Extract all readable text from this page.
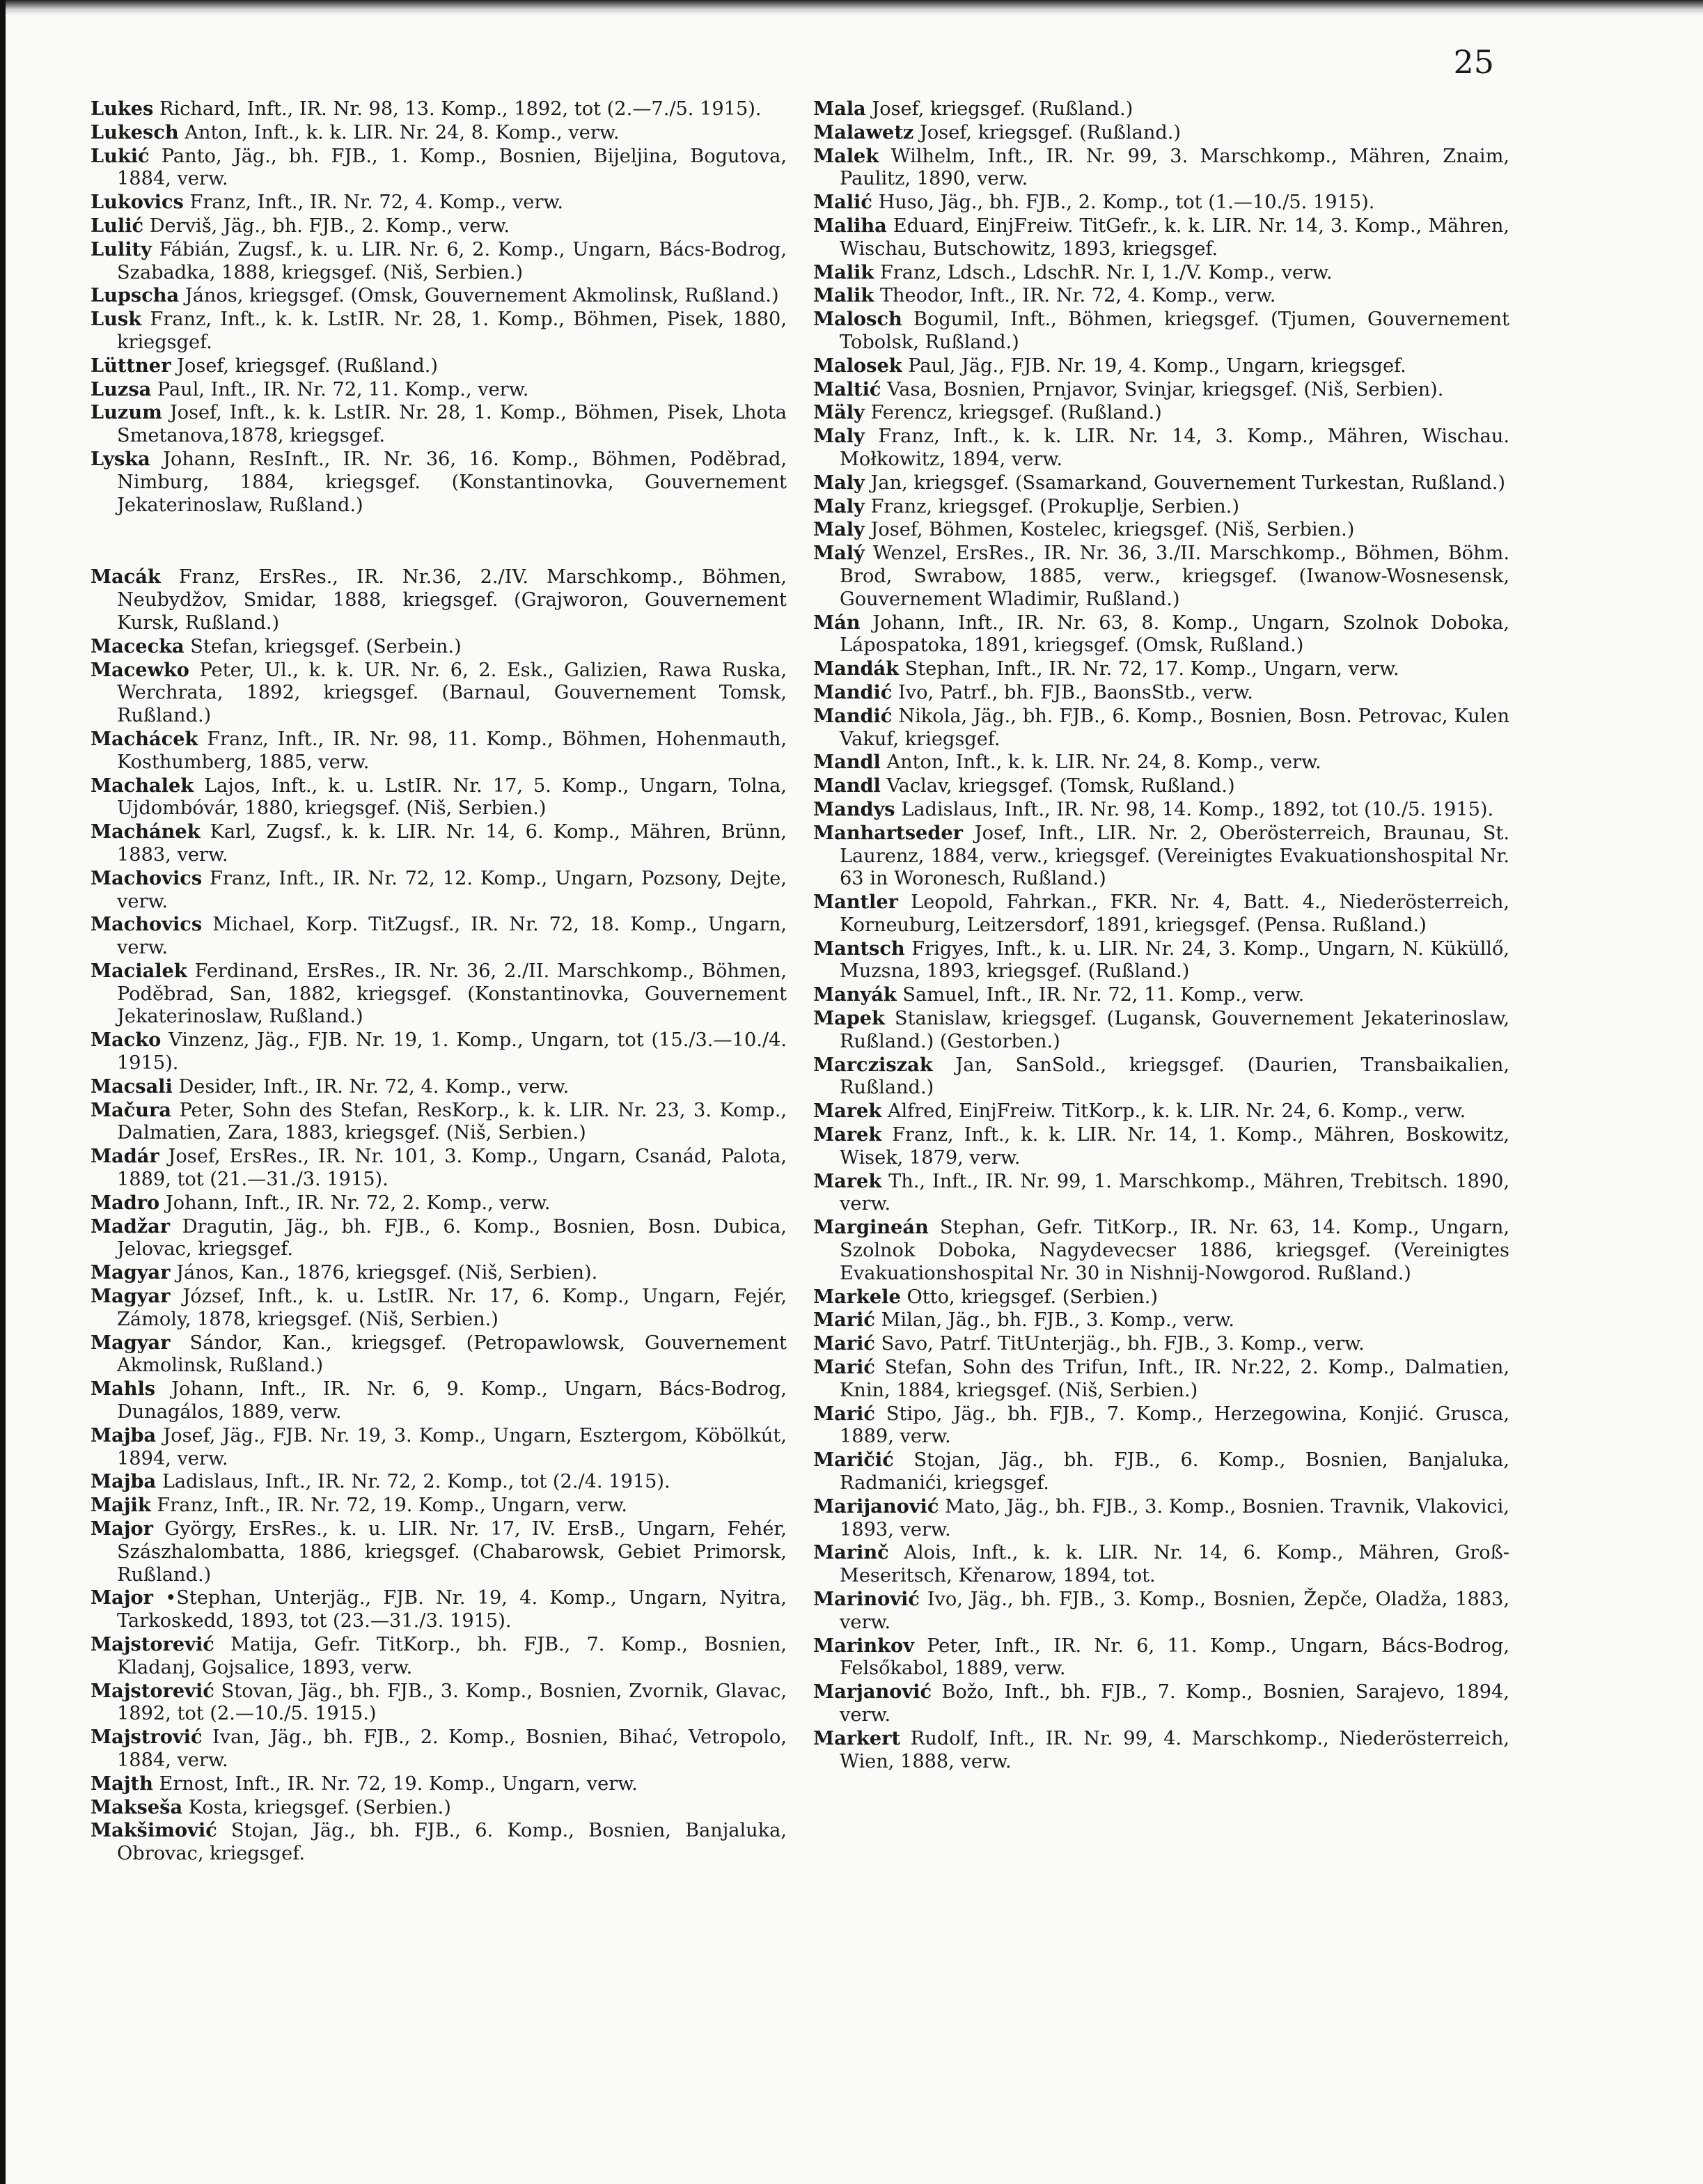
25
Lukes Richard, Inft., IR. Nr. 98, 13. Komp., 1892, tot (2.—7./5. 1915).
Lukesch Anton, Inft., k. k. LIR. Nr. 24, 8. Komp., verw.
Lukić Panto, Jäg., bh. FJB., 1. Komp., Bosnien, Bijeljina, Bogutova, 1884, verw.
Lukovics Franz, Inft., IR. Nr. 72, 4. Komp., verw.
Lulić Derviš, Jäg., bh. FJB., 2. Komp., verw.
Lulity Fábián, Zugsf., k. u. LIR. Nr. 6, 2. Komp., Ungarn, Bács-Bodrog, Szabadka, 1888, kriegsgef. (Niš, Serbien.)
Lupscha János, kriegsgef. (Omsk, Gouvernement Akmolinsk, Rußland.)
Lusk Franz, Inft., k. k. LstIR. Nr. 28, 1. Komp., Böhmen, Pisek, 1880, kriegsgef.
Lüttner Josef, kriegsgef. (Rußland.)
Luzsa Paul, Inft., IR. Nr. 72, 11. Komp., verw.
Luzum Josef, Inft., k. k. LstIR. Nr. 28, 1. Komp., Böhmen, Pisek, Lhota Smetanova,1878, kriegsgef.
Lyska Johann, ResInft., IR. Nr. 36, 16. Komp., Böhmen, Poděbrad, Nimburg, 1884, kriegsgef. (Konstantinovka, Gouvernement Jekaterinoslaw, Rußland.)
Macák Franz, ErsRes., IR. Nr.36, 2./IV. Marschkomp., Böhmen, Neubydžov, Smidar, 1888, kriegsgef. (Grajworon, Gouvernement Kursk, Rußland.)
Macecka Stefan, kriegsgef. (Serbein.)
Macewko Peter, Ul., k. k. UR. Nr. 6, 2. Esk., Galizien, Rawa Ruska, Werchrata, 1892, kriegsgef. (Barnaul, Gouvernement Tomsk, Rußland.)
Machácek Franz, Inft., IR. Nr. 98, 11. Komp., Böhmen, Hohenmauth, Kosthumberg, 1885, verw.
Machalek Lajos, Inft., k. u. LstIR. Nr. 17, 5. Komp., Ungarn, Tolna, Ujdombóvár, 1880, kriegsgef. (Niš, Serbien.)
Machánek Karl, Zugsf., k. k. LIR. Nr. 14, 6. Komp., Mähren, Brünn, 1883, verw.
Machovics Franz, Inft., IR. Nr. 72, 12. Komp., Ungarn, Pozsony, Dejte, verw.
Machovics Michael, Korp. TitZugsf., IR. Nr. 72, 18. Komp., Ungarn, verw.
Macialek Ferdinand, ErsRes., IR. Nr. 36, 2./II. Marschkomp., Böhmen, Poděbrad, San, 1882, kriegsgef. (Konstantinovka, Gouvernement Jekaterinoslaw, Rußland.)
Macko Vinzenz, Jäg., FJB. Nr. 19, 1. Komp., Ungarn, tot (15./3.—10./4. 1915).
Macsali Desider, Inft., IR. Nr. 72, 4. Komp., verw.
Mačura Peter, Sohn des Stefan, ResKorp., k. k. LIR. Nr. 23, 3. Komp., Dalmatien, Zara, 1883, kriegsgef. (Niš, Serbien.)
Madár Josef, ErsRes., IR. Nr. 101, 3. Komp., Ungarn, Csanád, Palota, 1889, tot (21.—31./3. 1915).
Madro Johann, Inft., IR. Nr. 72, 2. Komp., verw.
Madžar Dragutin, Jäg., bh. FJB., 6. Komp., Bosnien, Bosn. Dubica, Jelovac, kriegsgef.
Magyar János, Kan., 1876, kriegsgef. (Niš, Serbien).
Magyar József, Inft., k. u. LstIR. Nr. 17, 6. Komp., Ungarn, Fejér, Zámoly, 1878, kriegsgef. (Niš, Serbien.)
Magyar Sándor, Kan., kriegsgef. (Petropawlowsk, Gouvernement Akmolinsk, Rußland.)
Mahls Johann, Inft., IR. Nr. 6, 9. Komp., Ungarn, Bács-Bodrog, Dunagálos, 1889, verw.
Majba Josef, Jäg., FJB. Nr. 19, 3. Komp., Ungarn, Esztergom, Köbölkút, 1894, verw.
Majba Ladislaus, Inft., IR. Nr. 72, 2. Komp., tot (2./4. 1915).
Majik Franz, Inft., IR. Nr. 72, 19. Komp., Ungarn, verw.
Major György, ErsRes., k. u. LIR. Nr. 17, IV. ErsB., Ungarn, Fehér, Szászhalombatta, 1886, kriegsgef. (Chabarowsk, Gebiet Primorsk, Rußland.)
Major •Stephan, Unterjäg., FJB. Nr. 19, 4. Komp., Ungarn, Nyitra, Tarkoskedd, 1893, tot (23.—31./3. 1915).
Majstorević Matija, Gefr. TitKorp., bh. FJB., 7. Komp., Bosnien, Kladanj, Gojsalice, 1893, verw.
Majstorević Stovan, Jäg., bh. FJB., 3. Komp., Bosnien, Zvornik, Glavac, 1892, tot (2.—10./5. 1915.)
Majstrović Ivan, Jäg., bh. FJB., 2. Komp., Bosnien, Bihać, Vetropolo, 1884, verw.
Majth Ernost, Inft., IR. Nr. 72, 19. Komp., Ungarn, verw.
Makseša Kosta, kriegsgef. (Serbien.)
Makšimović Stojan, Jäg., bh. FJB., 6. Komp., Bosnien, Banjaluka, Obrovac, kriegsgef.
Mala Josef, kriegsgef. (Rußland.)
Malawetz Josef, kriegsgef. (Rußland.)
Malek Wilhelm, Inft., IR. Nr. 99, 3. Marschkomp., Mähren, Znaim, Paulitz, 1890, verw.
Malić Huso, Jäg., bh. FJB., 2. Komp., tot (1.—10./5. 1915).
Maliha Eduard, EinjFreiw. TitGefr., k. k. LIR. Nr. 14, 3. Komp., Mähren, Wischau, Butschowitz, 1893, kriegsgef.
Malik Franz, Ldsch., LdschR. Nr. I, 1./V. Komp., verw.
Malik Theodor, Inft., IR. Nr. 72, 4. Komp., verw.
Malosch Bogumil, Inft., Böhmen, kriegsgef. (Tjumen, Gouvernement Tobolsk, Rußland.)
Malosek Paul, Jäg., FJB. Nr. 19, 4. Komp., Ungarn, kriegsgef.
Maltić Vasa, Bosnien, Prnjavor, Svinjar, kriegsgef. (Niš, Serbien).
Mäly Ferencz, kriegsgef. (Rußland.)
Maly Franz, Inft., k. k. LIR. Nr. 14, 3. Komp., Mähren, Wischau. Mołkowitz, 1894, verw.
Maly Jan, kriegsgef. (Ssamarkand, Gouvernement Turkestan, Rußland.)
Maly Franz, kriegsgef. (Prokuplje, Serbien.)
Maly Josef, Böhmen, Kostelec, kriegsgef. (Niš, Serbien.)
Malý Wenzel, ErsRes., IR. Nr. 36, 3./II. Marschkomp., Böhmen, Böhm. Brod, Swrabow, 1885, verw., kriegsgef. (Iwanow-Wosnesensk, Gouvernement Wladimir, Rußland.)
Mán Johann, Inft., IR. Nr. 63, 8. Komp., Ungarn, Szolnok Doboka, Lápospatoka, 1891, kriegsgef. (Omsk, Rußland.)
Mandák Stephan, Inft., IR. Nr. 72, 17. Komp., Ungarn, verw.
Mandić Ivo, Patrf., bh. FJB., BaonsStb., verw.
Mandić Nikola, Jäg., bh. FJB., 6. Komp., Bosnien, Bosn. Petrovac, Kulen Vakuf, kriegsgef.
Mandl Anton, Inft., k. k. LIR. Nr. 24, 8. Komp., verw.
Mandl Vaclav, kriegsgef. (Tomsk, Rußland.)
Mandys Ladislaus, Inft., IR. Nr. 98, 14. Komp., 1892, tot (10./5. 1915).
Manhartseder Josef, Inft., LIR. Nr. 2, Oberösterreich, Braunau, St. Laurenz, 1884, verw., kriegsgef. (Vereinigtes Evakuationshospital Nr. 63 in Woronesch, Rußland.)
Mantler Leopold, Fahrkan., FKR. Nr. 4, Batt. 4., Niederösterreich, Korneuburg, Leitzersdorf, 1891, kriegsgef. (Pensa. Rußland.)
Mantsch Frigyes, Inft., k. u. LIR. Nr. 24, 3. Komp., Ungarn, N. Küküllő, Muzsna, 1893, kriegsgef. (Rußland.)
Manyák Samuel, Inft., IR. Nr. 72, 11. Komp., verw.
Mapek Stanislaw, kriegsgef. (Lugansk, Gouvernement Jekaterinoslaw, Rußland.) (Gestorben.)
Marcziszak Jan, SanSold., kriegsgef. (Daurien, Transbaikalien, Rußland.)
Marek Alfred, EinjFreiw. TitKorp., k. k. LIR. Nr. 24, 6. Komp., verw.
Marek Franz, Inft., k. k. LIR. Nr. 14, 1. Komp., Mähren, Boskowitz, Wisek, 1879, verw.
Marek Th., Inft., IR. Nr. 99, 1. Marschkomp., Mähren, Trebitsch. 1890, verw.
Margineán Stephan, Gefr. TitKorp., IR. Nr. 63, 14. Komp., Ungarn, Szolnok Doboka, Nagydevecser 1886, kriegsgef. (Vereinigtes Evakuationshospital Nr. 30 in Nishnij-Nowgorod. Rußland.)
Markele Otto, kriegsgef. (Serbien.)
Marić Milan, Jäg., bh. FJB., 3. Komp., verw.
Marić Savo, Patrf. TitUnterjäg., bh. FJB., 3. Komp., verw.
Marić Stefan, Sohn des Trifun, Inft., IR. Nr.22, 2. Komp., Dalmatien, Knin, 1884, kriegsgef. (Niš, Serbien.)
Marić Stipo, Jäg., bh. FJB., 7. Komp., Herzegowina, Konjić. Grusca, 1889, verw.
Maričić Stojan, Jäg., bh. FJB., 6. Komp., Bosnien, Banjaluka, Radmanići, kriegsgef.
Marijanović Mato, Jäg., bh. FJB., 3. Komp., Bosnien. Travnik, Vlakovici, 1893, verw.
Marinč Alois, Inft., k. k. LIR. Nr. 14, 6. Komp., Mähren, Groß-Meseritsch, Křenarow, 1894, tot.
Marinović Ivo, Jäg., bh. FJB., 3. Komp., Bosnien, Žepče, Oladža, 1883, verw.
Marinkov Peter, Inft., IR. Nr. 6, 11. Komp., Ungarn, Bács-Bodrog, Felsőkabol, 1889, verw.
Marjanović Božo, Inft., bh. FJB., 7. Komp., Bosnien, Sarajevo, 1894, verw.
Markert Rudolf, Inft., IR. Nr. 99, 4. Marschkomp., Niederösterreich, Wien, 1888, verw.
